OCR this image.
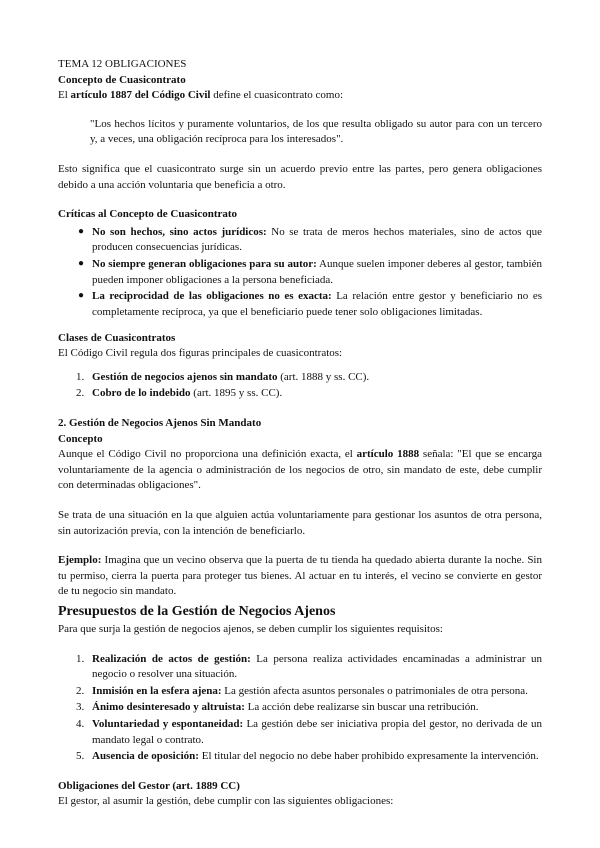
TEMA 12 OBLIGACIONES

Concepto de Cuasicontrato

El artículo 1887 del Código Civil define el cuasicontrato como:

"Los hechos lícitos y puramente voluntarios, de los que resulta obligado su autor para con un tercero y, a veces, una obligación recíproca para los interesados".

Esto significa que el cuasicontrato surge sin un acuerdo previo entre las partes, pero genera obligaciones debido a una acción voluntaria que beneficia a otro.

Críticas al Concepto de Cuasicontrato

● No son hechos, sino actos jurídicos: No se trata de meros hechos materiales, sino de actos que producen consecuencias jurídicas.
● No siempre generan obligaciones para su autor: Aunque suelen imponer deberes al gestor, también pueden imponer obligaciones a la persona beneficiada.
● La reciprocidad de las obligaciones no es exacta: La relación entre gestor y beneficiario no es completamente recíproca, ya que el beneficiario puede tener solo obligaciones limitadas.

Clases de Cuasicontratos

El Código Civil regula dos figuras principales de cuasicontratos:

1. Gestión de negocios ajenos sin mandato (art. 1888 y ss. CC).
2. Cobro de lo indebido (art. 1895 y ss. CC).

2. Gestión de Negocios Ajenos Sin Mandato

Concepto

Aunque el Código Civil no proporciona una definición exacta, el artículo 1888 señala: "El que se encarga voluntariamente de la agencia o administración de los negocios de otro, sin mandato de este, debe cumplir con determinadas obligaciones".

Se trata de una situación en la que alguien actúa voluntariamente para gestionar los asuntos de otra persona, sin autorización previa, con la intención de beneficiarlo.

Ejemplo: Imagina que un vecino observa que la puerta de tu tienda ha quedado abierta durante la noche. Sin tu permiso, cierra la puerta para proteger tus bienes. Al actuar en tu interés, el vecino se convierte en gestor de tu negocio sin mandato.

Presupuestos de la Gestión de Negocios Ajenos

Para que surja la gestión de negocios ajenos, se deben cumplir los siguientes requisitos:

1. Realización de actos de gestión: La persona realiza actividades encaminadas a administrar un negocio o resolver una situación.
2. Inmisión en la esfera ajena: La gestión afecta asuntos personales o patrimoniales de otra persona.
3. Ánimo desinteresado y altruista: La acción debe realizarse sin buscar una retribución.
4. Voluntariedad y espontaneidad: La gestión debe ser iniciativa propia del gestor, no derivada de un mandato legal o contrato.
5. Ausencia de oposición: El titular del negocio no debe haber prohibido expresamente la intervención.

Obligaciones del Gestor (art. 1889 CC)

El gestor, al asumir la gestión, debe cumplir con las siguientes obligaciones:
